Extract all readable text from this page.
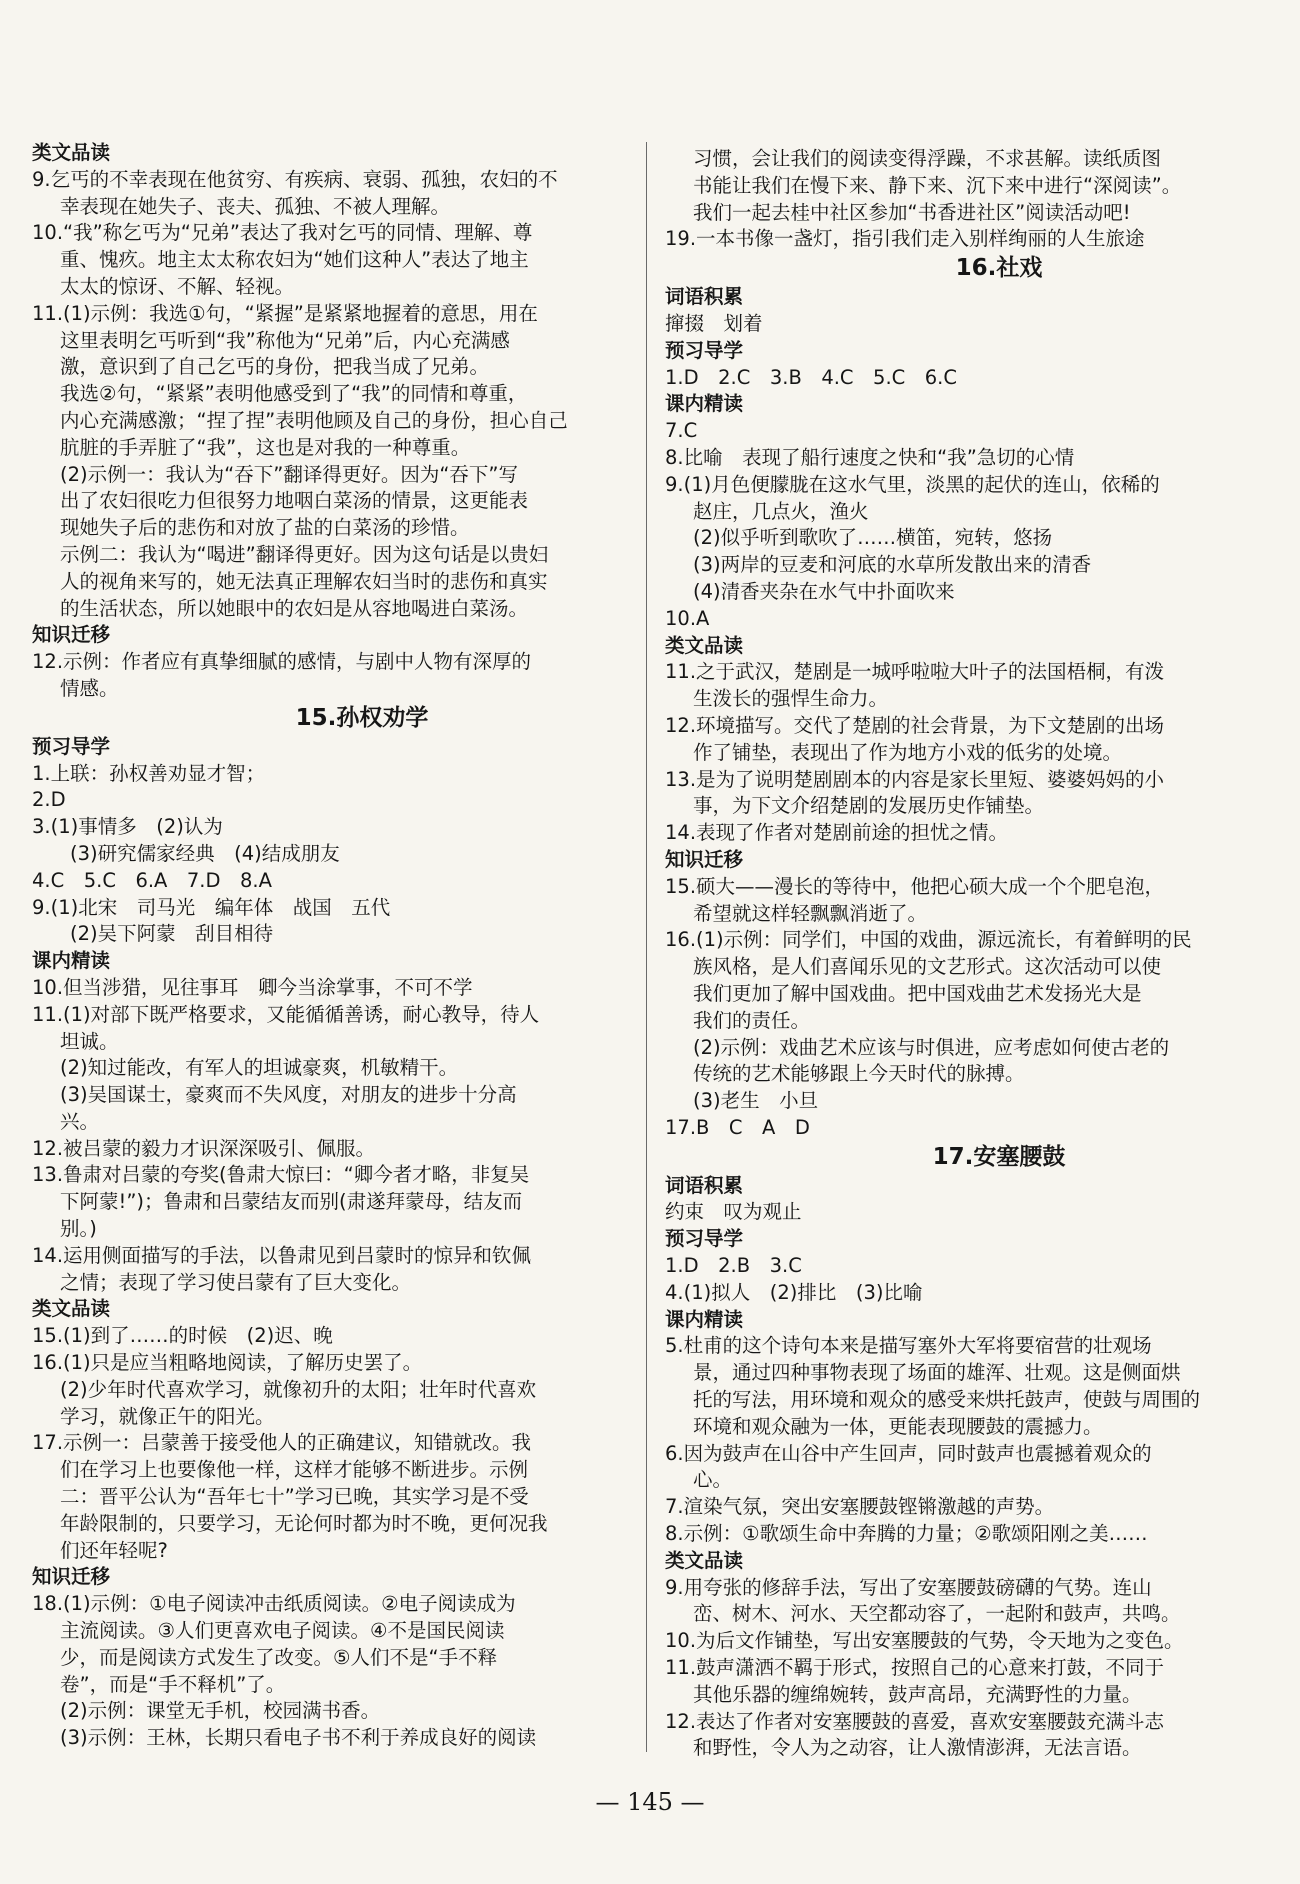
类文品读
9.乞丐的不幸表现在他贫穷、有疾病、衰弱、孤独，农妇的不
幸表现在她失子、丧夫、孤独、不被人理解。
10.“我”称乞丐为“兄弟”表达了我对乞丐的同情、理解、尊
重、愧疚。地主太太称农妇为“她们这种人”表达了地主
太太的惊讶、不解、轻视。
11.(1)示例：我选①句，“紧握”是紧紧地握着的意思，用在
这里表明乞丐听到“我”称他为“兄弟”后，内心充满感
激，意识到了自己乞丐的身份，把我当成了兄弟。
我选②句，“紧紧”表明他感受到了“我”的同情和尊重，
内心充满感激；“捏了捏”表明他顾及自己的身份，担心自己
肮脏的手弄脏了“我”，这也是对我的一种尊重。
(2)示例一：我认为“吞下”翻译得更好。因为“吞下”写
出了农妇很吃力但很努力地咽白菜汤的情景，这更能表
现她失子后的悲伤和对放了盐的白菜汤的珍惜。
示例二：我认为“喝进”翻译得更好。因为这句话是以贵妇
人的视角来写的，她无法真正理解农妇当时的悲伤和真实
的生活状态，所以她眼中的农妇是从容地喝进白菜汤。
知识迁移
12.示例：作者应有真挚细腻的感情，与剧中人物有深厚的
情感。
15.孙权劝学
预习导学
1.上联：孙权善劝显才智；
2.D
3.(1)事情多　(2)认为
(3)研究儒家经典　(4)结成朋友
4.C　5.C　6.A　7.D　8.A
9.(1)北宋　司马光　编年体　战国　五代
(2)吴下阿蒙　刮目相待
课内精读
10.但当涉猎，见往事耳　卿今当涂掌事，不可不学
11.(1)对部下既严格要求，又能循循善诱，耐心教导，待人
坦诚。
(2)知过能改，有军人的坦诚豪爽，机敏精干。
(3)吴国谋士，豪爽而不失风度，对朋友的进步十分高
兴。
12.被吕蒙的毅力才识深深吸引、佩服。
13.鲁肃对吕蒙的夸奖(鲁肃大惊曰：“卿今者才略，非复吴
下阿蒙!”)；鲁肃和吕蒙结友而别(肃遂拜蒙母，结友而
别。)
14.运用侧面描写的手法，以鲁肃见到吕蒙时的惊异和钦佩
之情；表现了学习使吕蒙有了巨大变化。
类文品读
15.(1)到了……的时候　(2)迟、晚
16.(1)只是应当粗略地阅读，了解历史罢了。
(2)少年时代喜欢学习，就像初升的太阳；壮年时代喜欢
学习，就像正午的阳光。
17.示例一：吕蒙善于接受他人的正确建议，知错就改。我
们在学习上也要像他一样，这样才能够不断进步。示例
二：晋平公认为“吾年七十”学习已晚，其实学习是不受
年龄限制的，只要学习，无论何时都为时不晚，更何况我
们还年轻呢?
知识迁移
18.(1)示例：①电子阅读冲击纸质阅读。②电子阅读成为
主流阅读。③人们更喜欢电子阅读。④不是国民阅读
少，而是阅读方式发生了改变。⑤人们不是“手不释
卷”，而是“手不释机”了。
(2)示例：课堂无手机，校园满书香。
(3)示例：王林，长期只看电子书不利于养成良好的阅读
习惯，会让我们的阅读变得浮躁，不求甚解。读纸质图
书能让我们在慢下来、静下来、沉下来中进行“深阅读”。
我们一起去桂中社区参加“书香进社区”阅读活动吧!
19.一本书像一盏灯，指引我们走入别样绚丽的人生旅途
16.社戏
词语积累
撺掇　划着
预习导学
1.D　2.C　3.B　4.C　5.C　6.C
课内精读
7.C
8.比喻　表现了船行速度之快和“我”急切的心情
9.(1)月色便朦胧在这水气里，淡黑的起伏的连山，依稀的
赵庄，几点火，渔火
(2)似乎听到歌吹了……横笛，宛转，悠扬
(3)两岸的豆麦和河底的水草所发散出来的清香
(4)清香夹杂在水气中扑面吹来
10.A
类文品读
11.之于武汉，楚剧是一城呼啦啦大叶子的法国梧桐，有泼
生泼长的强悍生命力。
12.环境描写。交代了楚剧的社会背景，为下文楚剧的出场
作了铺垫，表现出了作为地方小戏的低劣的处境。
13.是为了说明楚剧剧本的内容是家长里短、婆婆妈妈的小
事，为下文介绍楚剧的发展历史作铺垫。
14.表现了作者对楚剧前途的担忧之情。
知识迁移
15.硕大——漫长的等待中，他把心硕大成一个个肥皂泡，
希望就这样轻飘飘消逝了。
16.(1)示例：同学们，中国的戏曲，源远流长，有着鲜明的民
族风格，是人们喜闻乐见的文艺形式。这次活动可以使
我们更加了解中国戏曲。把中国戏曲艺术发扬光大是
我们的责任。
(2)示例：戏曲艺术应该与时俱进，应考虑如何使古老的
传统的艺术能够跟上今天时代的脉搏。
(3)老生　小旦
17.B　C　A　D
17.安塞腰鼓
词语积累
约束　叹为观止
预习导学
1.D　2.B　3.C
4.(1)拟人　(2)排比　(3)比喻
课内精读
5.杜甫的这个诗句本来是描写塞外大军将要宿营的壮观场
景，通过四种事物表现了场面的雄浑、壮观。这是侧面烘
托的写法，用环境和观众的感受来烘托鼓声，使鼓与周围的
环境和观众融为一体，更能表现腰鼓的震撼力。
6.因为鼓声在山谷中产生回声，同时鼓声也震撼着观众的
心。
7.渲染气氛，突出安塞腰鼓铿锵激越的声势。
8.示例：①歌颂生命中奔腾的力量；②歌颂阳刚之美……
类文品读
9.用夸张的修辞手法，写出了安塞腰鼓磅礴的气势。连山
峦、树木、河水、天空都动容了，一起附和鼓声，共鸣。
10.为后文作铺垫，写出安塞腰鼓的气势，令天地为之变色。
11.鼓声潇洒不羁于形式，按照自己的心意来打鼓，不同于
其他乐器的缠绵婉转，鼓声高昂，充满野性的力量。
12.表达了作者对安塞腰鼓的喜爱，喜欢安塞腰鼓充满斗志
和野性，令人为之动容，让人激情澎湃，无法言语。
— 145 —
